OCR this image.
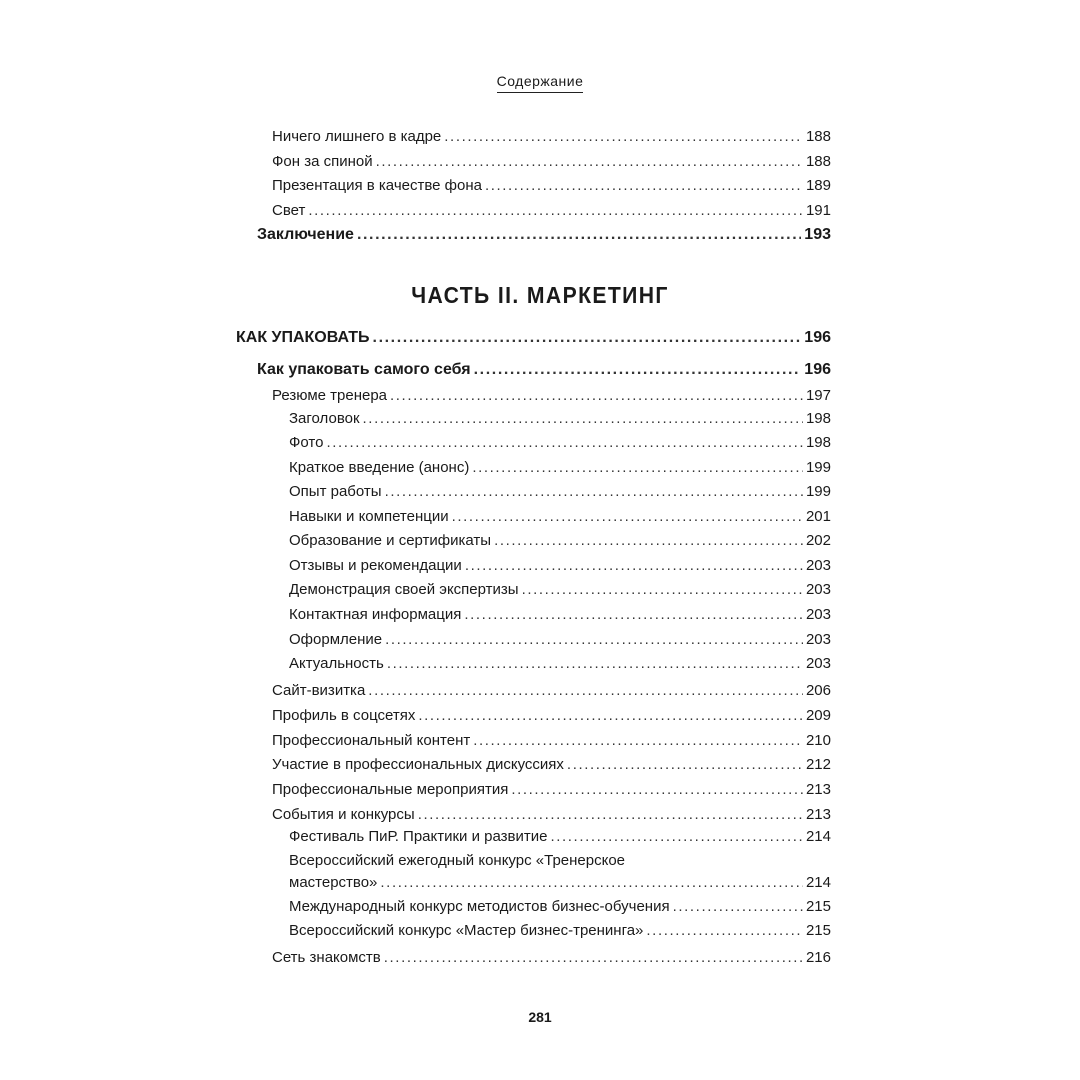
Содержание
Ничего лишнего в кадре .....	188
Фон за спиной .....	188
Презентация в качестве фона .....	189
Свет .....	191
Заключение .....	193
ЧАСТЬ II. МАРКЕТИНГ
КАК УПАКОВАТЬ .....	196
Как упаковать самого себя .....	196
Резюме тренера .....	197
Заголовок .....	198
Фото .....	198
Краткое введение (анонс) .....	199
Опыт работы .....	199
Навыки и компетенции .....	201
Образование и сертификаты .....	202
Отзывы и рекомендации .....	203
Демонстрация своей экспертизы .....	203
Контактная информация .....	203
Оформление .....	203
Актуальность .....	203
Сайт-визитка .....	206
Профиль в соцсетях .....	209
Профессиональный контент .....	210
Участие в профессиональных дискуссиях .....	212
Профессиональные мероприятия .....	213
События и конкурсы .....	213
Фестиваль ПиР. Практики и развитие .....	214
Всероссийский ежегодный конкурс «Тренерское
мастерство» .....	214
Международный конкурс методистов бизнес-обучения .....	215
Всероссийский конкурс «Мастер бизнес-тренинга» .....	215
Сеть знакомств .....	216
281
